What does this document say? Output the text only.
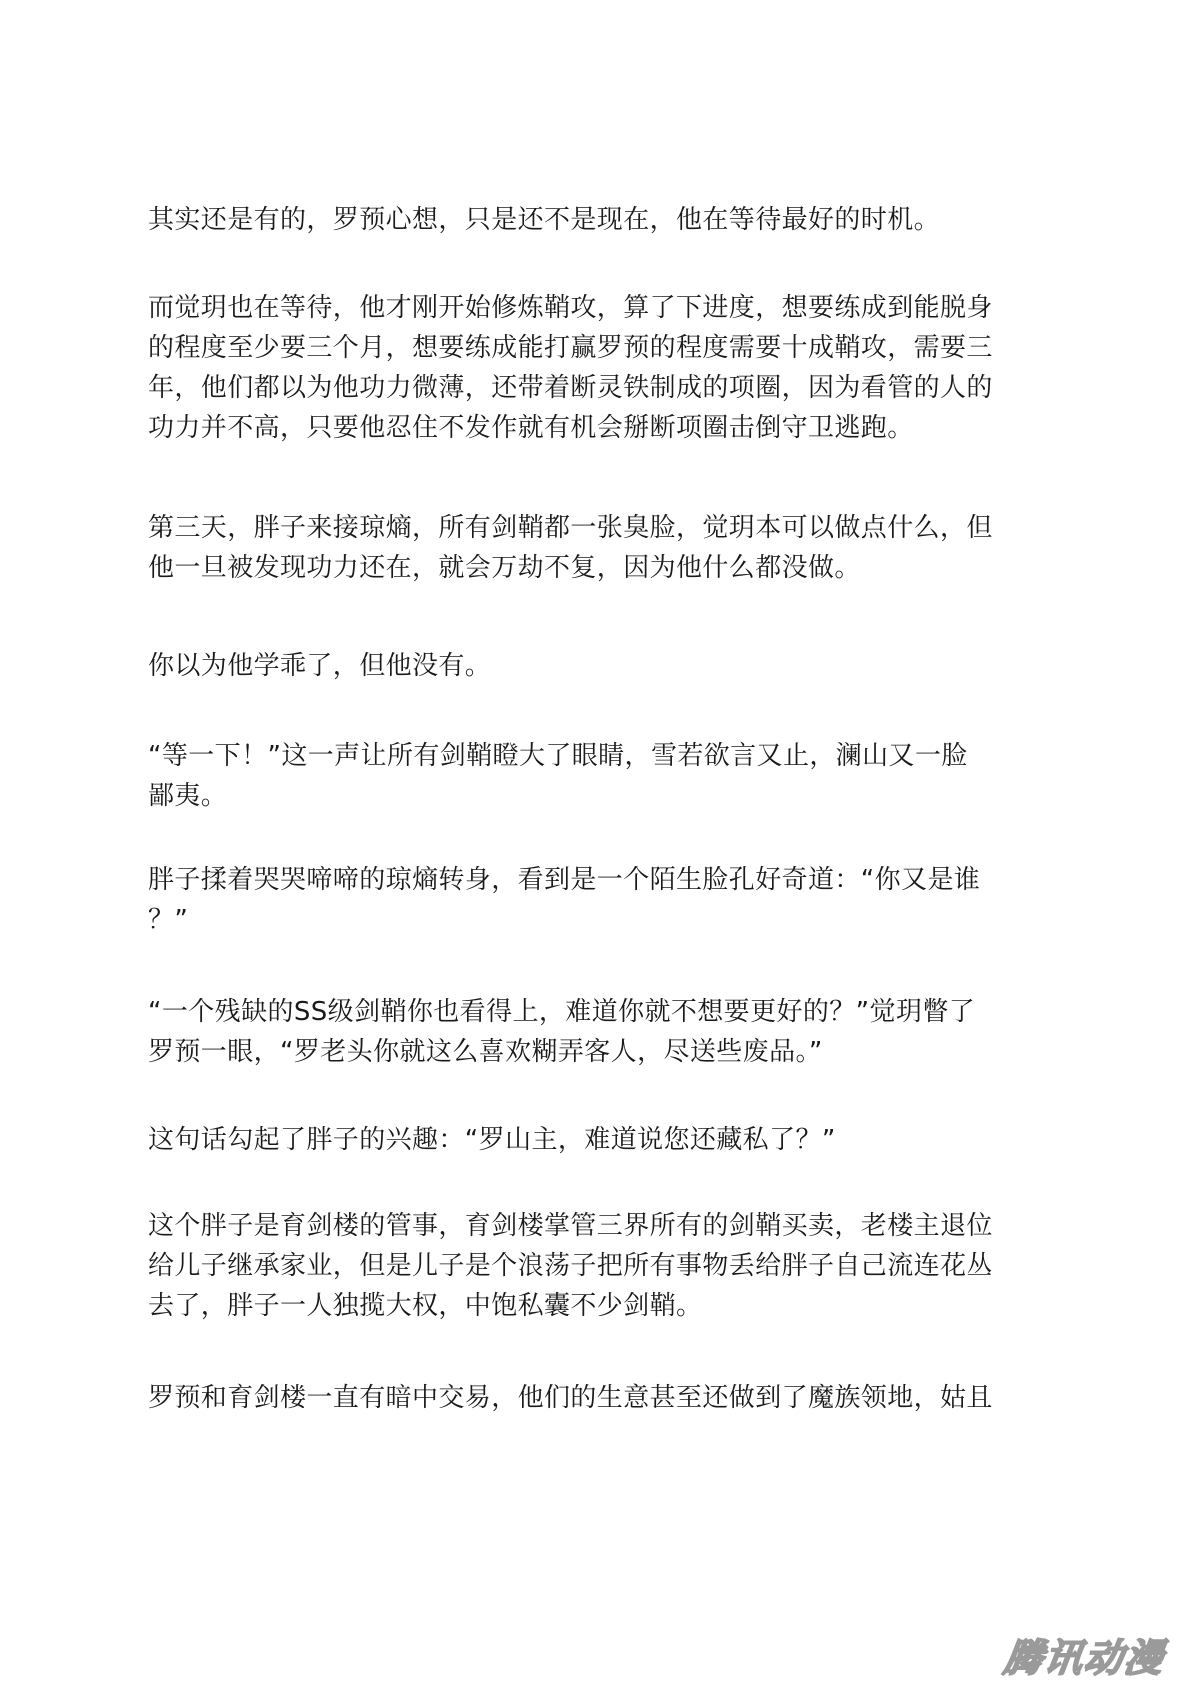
其实还是有的，罗预心想，只是还不是现在，他在等待最好的时机。

而觉玥也在等待，他才刚开始修炼鞘攻，算了下进度，想要练成到能脱身
的程度至少要三个月，想要练成能打赢罗预的程度需要十成鞘攻，需要三
年，他们都以为他功力微薄，还带着断灵铁制成的项圈，因为看管的人的
功力并不高，只要他忍住不发作就有机会掰断项圈击倒守卫逃跑。

第三天，胖子来接琼熵，所有剑鞘都一张臭脸，觉玥本可以做点什么，但
他一旦被发现功力还在，就会万劫不复，因为他什么都没做。

你以为他学乖了，但他没有。

“等一下！”这一声让所有剑鞘瞪大了眼睛，雪若欲言又止，澜山又一脸
鄙夷。

胖子揉着哭哭啼啼的琼熵转身，看到是一个陌生脸孔好奇道：“你又是谁
？”

“一个残缺的SS级剑鞘你也看得上，难道你就不想要更好的？”觉玥瞥了
罗预一眼，“罗老头你就这么喜欢糊弄客人，尽送些废品。”

这句话勾起了胖子的兴趣：“罗山主，难道说您还藏私了？”

这个胖子是育剑楼的管事，育剑楼掌管三界所有的剑鞘买卖，老楼主退位
给儿子继承家业，但是儿子是个浪荡子把所有事物丢给胖子自己流连花丛
去了，胖子一人独揽大权，中饱私囊不少剑鞘。

罗预和育剑楼一直有暗中交易，他们的生意甚至还做到了魔族领地，姑且

腾讯动漫
